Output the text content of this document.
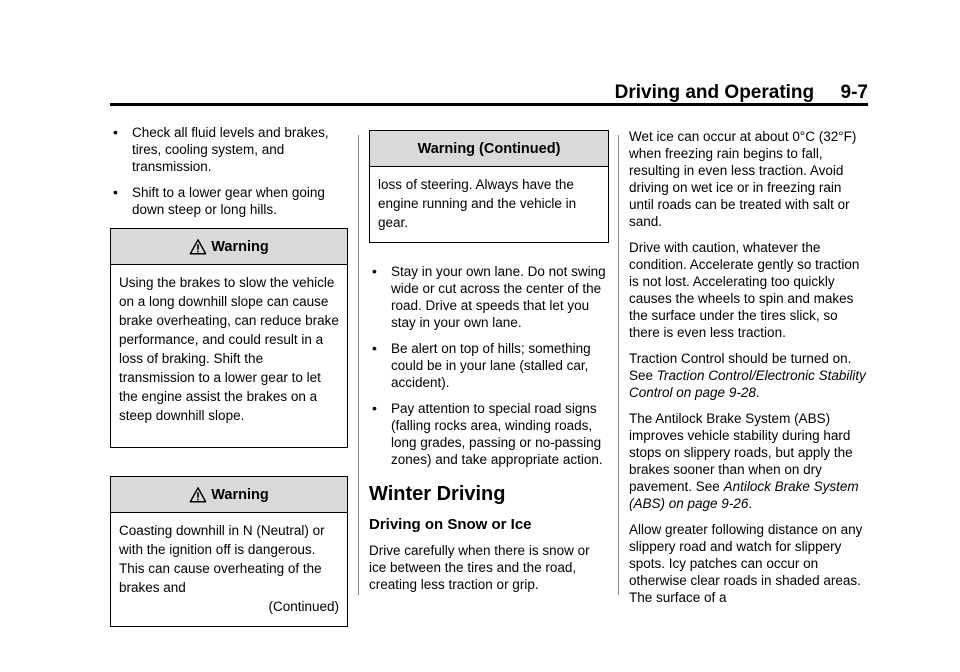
Driving and Operating     9-7
• Check all fluid levels and brakes, tires, cooling system, and transmission.
• Shift to a lower gear when going down steep or long hills.
Warning
Using the brakes to slow the vehicle on a long downhill slope can cause brake overheating, can reduce brake performance, and could result in a loss of braking. Shift the transmission to a lower gear to let the engine assist the brakes on a steep downhill slope.
Warning
Coasting downhill in N (Neutral) or with the ignition off is dangerous. This can cause overheating of the brakes and
(Continued)
Warning (Continued)
loss of steering. Always have the engine running and the vehicle in gear.
• Stay in your own lane. Do not swing wide or cut across the center of the road. Drive at speeds that let you stay in your own lane.
• Be alert on top of hills; something could be in your lane (stalled car, accident).
• Pay attention to special road signs (falling rocks area, winding roads, long grades, passing or no-passing zones) and take appropriate action.
Winter Driving
Driving on Snow or Ice

Drive carefully when there is snow or ice between the tires and the road, creating less traction or grip.

Wet ice can occur at about 0°C (32°F) when freezing rain begins to fall, resulting in even less traction. Avoid driving on wet ice or in freezing rain until roads can be treated with salt or sand.

Drive with caution, whatever the condition. Accelerate gently so traction is not lost. Accelerating too quickly causes the wheels to spin and makes the surface under the tires slick, so there is even less traction.

Traction Control should be turned on. See Traction Control/Electronic Stability Control on page 9‑28.

The Antilock Brake System (ABS) improves vehicle stability during hard stops on slippery roads, but apply the brakes sooner than when on dry pavement. See Antilock Brake System (ABS) on page 9‑26.

Allow greater following distance on any slippery road and watch for slippery spots. Icy patches can occur on otherwise clear roads in shaded areas. The surface of a
